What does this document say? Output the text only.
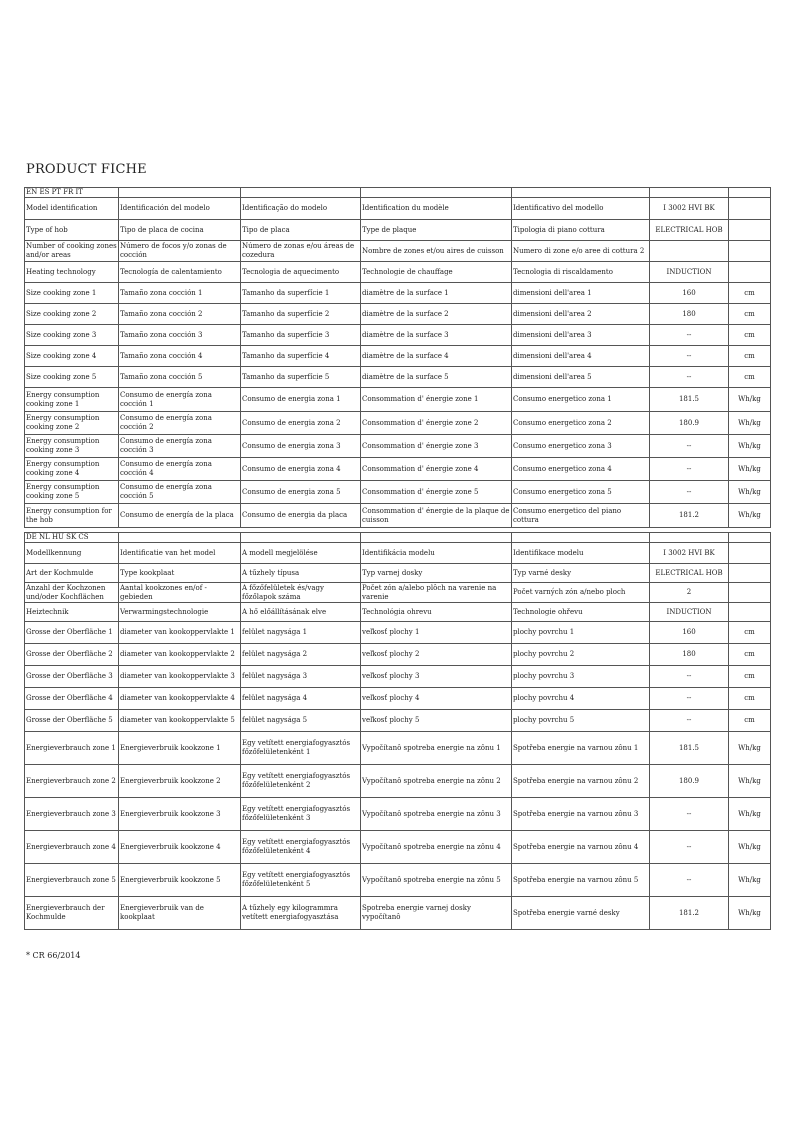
PRODUCT FICHE
EN ES PT FR IT						
Model identification	Identificación del modelo	Identificação do modelo	Identification du modèle	Identificativo del modello	I 3002 HVI BK	
Type of hob	Tipo de placa de cocina	Tipo de placa	Type de plaque	Tipologia di piano cottura	ELECTRICAL HOB	
Number of cooking zones and/or areas	Número de focos y/o zonas de cocción	Número de zonas e/ou áreas de cozedura	Nombre de zones et/ou aires de cuisson	Numero di zone e/o aree di cottura 2		
Heating technology	Tecnología de calentamiento	Tecnologia de aquecimento	Technologie de chauffage	Tecnologia di riscaldamento	INDUCTION	
Size cooking zone 1	Tamaño zona cocción 1	Tamanho da superfície 1	diamètre de la surface 1	dimensioni dell'area 1	160	cm
Size cooking zone 2	Tamaño zona cocción 2	Tamanho da superfície 2	diamètre de la surface 2	dimensioni dell'area 2	180	cm
Size cooking zone 3	Tamaño zona cocción 3	Tamanho da superfície 3	diamètre de la surface 3	dimensioni dell'area 3	--	cm
Size cooking zone 4	Tamaño zona cocción 4	Tamanho da superfície 4	diamètre de la surface 4	dimensioni dell'area 4	--	cm
Size cooking zone 5	Tamaño zona cocción 5	Tamanho da superfície 5	diamètre de la surface 5	dimensioni dell'area 5	--	cm
Energy consumption cooking zone 1	Consumo de energía zona cocción 1	Consumo de energia zona 1	Consommation d' énergie zone 1	Consumo energetico zona 1	181.5	Wh/kg
Energy consumption cooking zone 2	Consumo de energía zona cocción 2	Consumo de energia zona 2	Consommation d' énergie zone 2	Consumo energetico zona 2	180.9	Wh/kg
Energy consumption cooking zone 3	Consumo de energía zona cocción 3	Consumo de energia zona 3	Consommation d' énergie zone 3	Consumo energetico zona 3	--	Wh/kg
Energy consumption cooking zone 4	Consumo de energía zona cocción 4	Consumo de energia zona 4	Consommation d' énergie zone 4	Consumo energetico zona 4	--	Wh/kg
Energy consumption cooking zone 5	Consumo de energía zona cocción 5	Consumo de energia zona 5	Consommation d' énergie zone 5	Consumo energetico zona 5	--	Wh/kg
Energy consumption for the hob	Consumo de energía de la placa	Consumo de energia da placa	Consommation d' énergie de la plaque de cuisson	Consumo energetico del piano cottura	181.2	Wh/kg
DE NL HU SK CS						
Modellkennung	Identificatie van het model	A modell megjelölése	Identifikácia modelu	Identifikace modelu	I 3002 HVI BK	
Art der Kochmulde	Type kookplaat	A tűzhely típusa	Typ varnej dosky	Typ varné desky	ELECTRICAL HOB	
Anzahl der Kochzonen und/oder Kochflächen	Aantal kookzones en/of -gebieden	A főzőfelületek és/vagy főzőlapok száma	Počet zón a/alebo plôch na varenie na varenie	Počet varných zón a/nebo ploch	2	
Heiztechnik	Verwarmingstechnologie	A hő előállításának elve	Technológia ohrevu	Technologie ohřevu	INDUCTION	
Grosse der Oberfläche 1	diameter van kookoppervlakte 1	felület nagysága 1	veľkosť plochy 1	plochy povrchu 1	160	cm
Grosse der Oberfläche 2	diameter van kookoppervlakte 2	felület nagysága 2	veľkosť plochy 2	plochy povrchu 2	180	cm
Grosse der Oberfläche 3	diameter van kookoppervlakte 3	felület nagysága 3	veľkosť plochy 3	plochy povrchu 3	--	cm
Grosse der Oberfläche 4	diameter van kookoppervlakte 4	felület nagysága 4	veľkosť plochy 4	plochy povrchu 4	--	cm
Grosse der Oberfläche 5	diameter van kookoppervlakte 5	felület nagysága 5	veľkosť plochy 5	plochy povrchu 5	--	cm
Energieverbrauch zone 1	Energieverbruik kookzone 1	Egy vetített energiafogyasztós főzőfelületenként 1	Vypočítanô spotreba energie na zônu 1	Spotřeba energie na varnou zônu 1	181.5	Wh/kg
Energieverbrauch zone 2	Energieverbruik kookzone 2	Egy vetített energiafogyasztós főzőfelületenként 2	Vypočítanô spotreba energie na zônu 2	Spotřeba energie na varnou zônu 2	180.9	Wh/kg
Energieverbrauch zone 3	Energieverbruik kookzone 3	Egy vetített energiafogyasztós főzőfelületenként 3	Vypočítanô spotreba energie na zônu 3	Spotřeba energie na varnou zônu 3	--	Wh/kg
Energieverbrauch zone 4	Energieverbruik kookzone 4	Egy vetített energiafogyasztós főzőfelületenként 4	Vypočítanô spotreba energie na zônu 4	Spotřeba energie na varnou zônu 4	--	Wh/kg
Energieverbrauch zone 5	Energieverbruik kookzone 5	Egy vetített energiafogyasztós főzőfelületenként 5	Vypočítanô spotreba energie na zônu 5	Spotřeba energie na varnou zônu 5	--	Wh/kg
Energieverbrauch der Kochmulde	Energieverbruik van de kookplaat	A tűzhely egy kilogrammra vetített energiafogyasztása	Spotreba energie varnej dosky vypočítanô	Spotřeba energie varné desky	181.2	Wh/kg
* CR 66/2014
